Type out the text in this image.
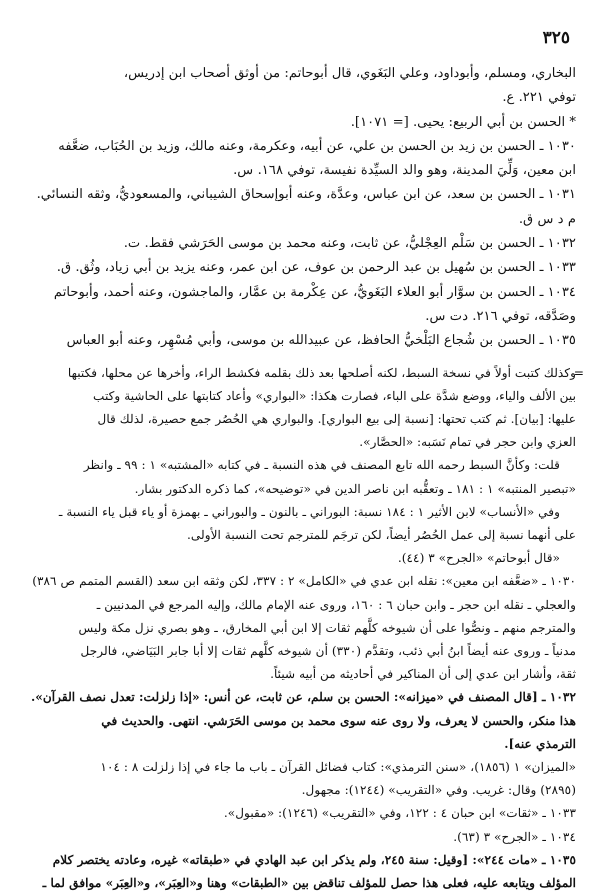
٣٢٥

البخاري، ومسلم، وأبوداود، وعلي البَغَوي، قال أبوحاتم: من أوثق أصحاب ابن إدريس،

توفي ٢٢١. ع.

* الحسن بن أبي الربيع: يحيى. [= ١٠٧١].

١٠٣٠ ـ الحسن بن زيد بن الحسن بن علي، عن أبيه، وعكرمة، وعنه مالك، وزيد بن الحُبَاب، ضعَّفه

ابن معين، وَلِّيَ المدينة، وهو والد السيِّدة نفيسة، توفي ١٦٨. س.

١٠٣١ ـ الحسن بن سعد، عن ابن عباس، وعدَّة، وعنه أبوإسحاق الشيباني، والمسعوديُّ، وثقه النسائي.

م د س ق.

١٠٣٢ ـ الحسن بن سَلْم العِجْليُّ، عن ثابت، وعنه محمد بن موسى الحَرَشي فقط. ت.

١٠٣٣ ـ الحسن بن سُهيل بن عبد الرحمن بن عوف، عن ابن عمر، وعنه يزيد بن أبي زياد، وثُق. ق.

١٠٣٤ ـ الحسن بن سوَّار أبو العلاء البَغَويُّ، عن عِكْرمة بن عمَّار، والماجشون، وعنه أحمد، وأبوحاتم

وصَدَّقه، توفي ٢١٦. دت س.

١٠٣٥ ـ الحسن بن شُجاع البَلْخيُّ الحافظ، عن عبيدالله بن موسى، وأبي مُسْهِر، وعنه أبو العباس

=
وكذلك كتبت أولاً في نسخة السبط، لكنه أصلحها بعد ذلك بقلمه فكشط الراء، وأخرها عن محلها، فكتبها

بين الألف والياء، ووضع شدَّة على الباء، فصارت هكذا: «البواري» وأعاد كتابتها على الحاشية وكتب

عليها: [بيان]. ثم كتب تحتها: [نسبة إلى بيع البواري]. والبواري هي الحُصُر جمع حصيرة، لذلك قال

العزي وابن حجر في تمام نَسَبه: «الحصَّار».

قلت: وكأنَّ السبط رحمه الله تابع المصنف في هذه النسبة ـ في كتابه «المشتبه» ١ : ٩٩ ـ وانظر

«تبصير المنتبه» ١ : ١٨١ ـ وتعقُّبه ابن ناصر الدين في «توضيحه»، كما ذكره الدكتور بشار.

وفي «الأنساب» لابن الأثير ١ : ١٨٤ نسبة: البوراني ـ بالنون ـ والبوراني ـ بهمزة أو ياء قبل ياء النسبة ـ

على أنهما نسبة إلى عمل الحُصُر أيضاً، لكن ترجَم للمترجم تحت النسبة الأولى.

«قال أبوحاتم» «الجرح» ٣ (٤٤).

١٠٣٠ ـ «ضعَّفه ابن معين»: نقله ابن عدي في «الكامل» ٢ : ٣٣٧، لكن وثقه ابن سعد (القسم المتمم ص ٣٨٦)

والعجلي ـ نقله ابن حجر ـ وابن حبان ٦ : ١٦٠، وروى عنه الإمام مالك، وإليه المرجع في المدنيين ـ

والمترجم منهم ـ ونصُّوا على أن شيوخه كلَّهم ثقات إلا ابن أبي المخارق، ـ وهو بصري نزل مكة وليس

مدنياً ـ وروى عنه أيضاً ابنُ أبي ذئب، وتقدَّم (٣٣٠) أن شيوخه كلَّهم ثقات إلا أبا جابر البَيَاضي، فالرجل

ثقة، وأشار ابن عدي إلى أن المناكير في أحاديثه من أبيه شيئاً.

١٠٣٢ ـ [قال المصنف في «ميزانه»: الحسن بن سلم، عن ثابت، عن أنس: «إذا زلزلت: تعدل نصف القرآن».

هذا منكر، والحسن لا يعرف، ولا روى عنه سوى محمد بن موسى الحَرَشي. انتهى. والحديث في

الترمذي عنه].

«الميزان» ١ (١٨٥٦)، «سنن الترمذي»: كتاب فضائل القرآن ـ باب ما جاء في إذا زلزلت ٨ : ١٠٤

(٢٨٩٥) وقال: غريب. وفي «التقريب» (١٢٤٤): مجهول.

١٠٣٣ ـ «ثقات» ابن حبان ٤ : ١٢٢، وفي «التقريب» (١٢٤٦): «مقبول».

١٠٣٤ ـ «الجرح» ٣ (٦٣).

١٠٣٥ ـ «مات ٢٤٤»: [وقيل: سنة ٢٤٥، ولم يذكر ابن عبد الهادي في «طبقاته» غيره، وعادته يختصر كلام

المؤلف ويتابعه عليه، فعلى هذا حصل للمؤلف تناقض بين «الطبقات» وهنا و«العِبَر»، و«العِبَر» موافق لما ـ
